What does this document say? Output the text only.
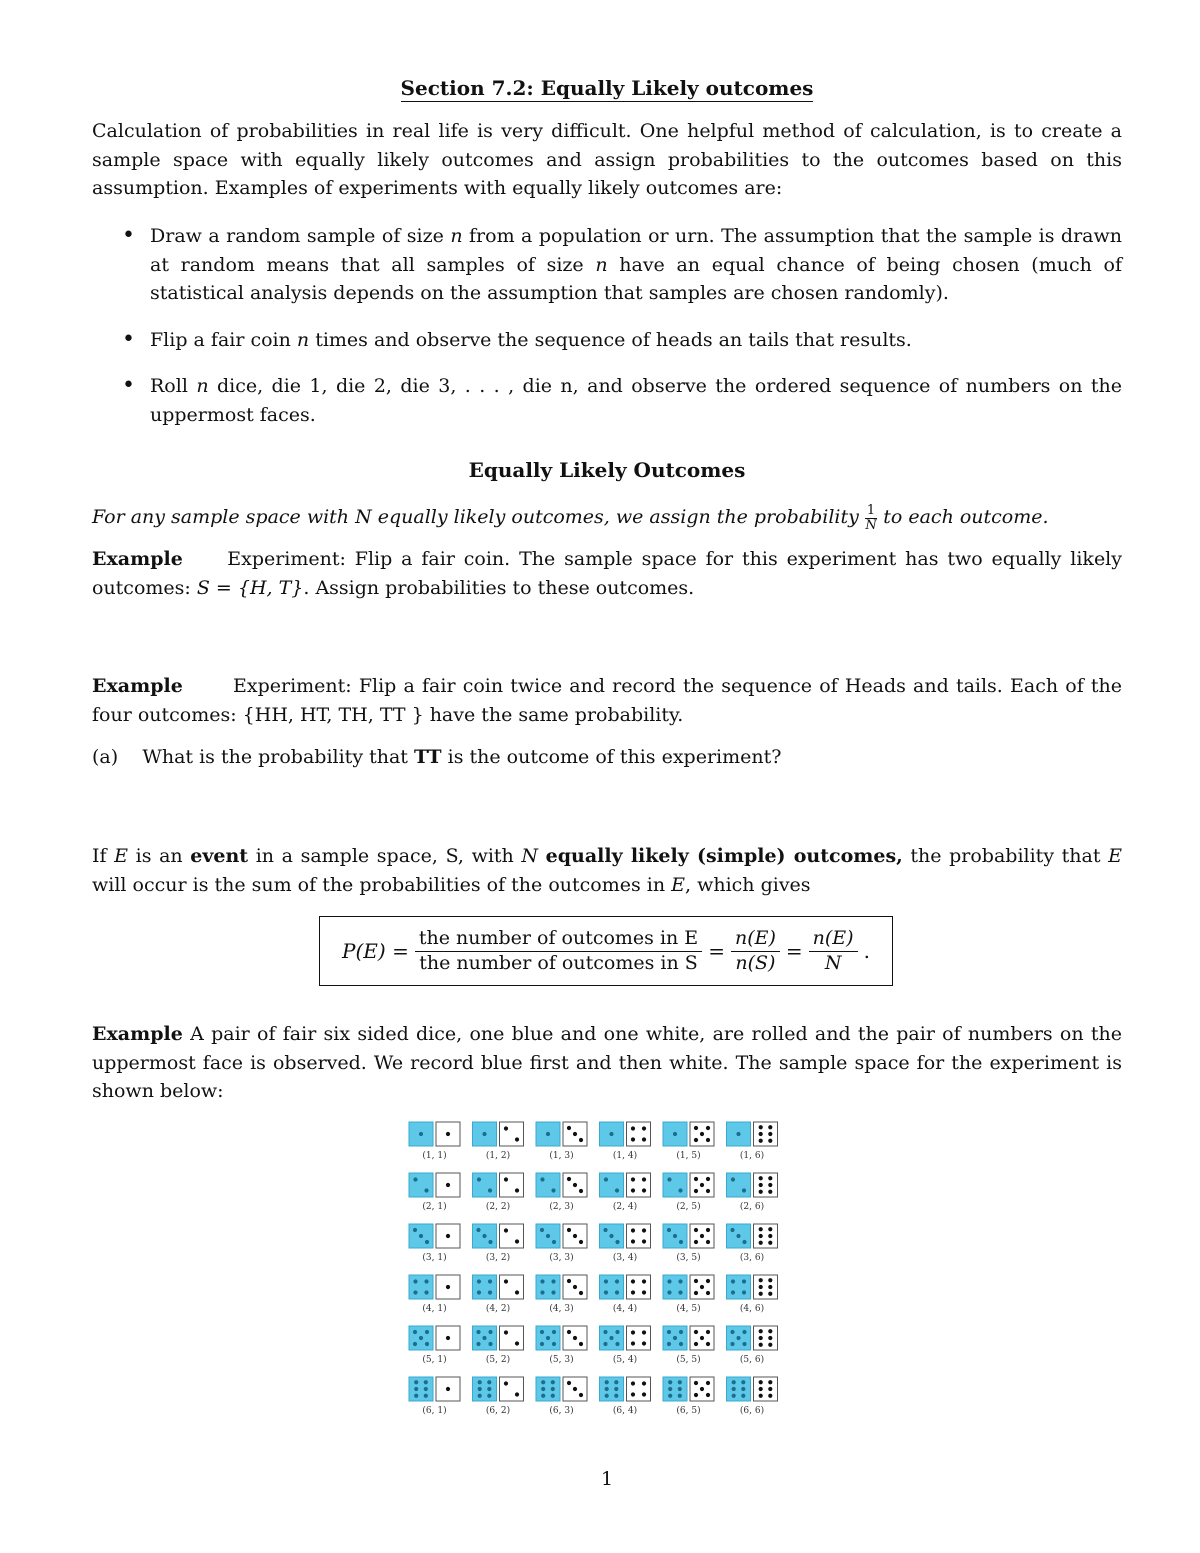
Section 7.2: Equally Likely outcomes

Calculation of probabilities in real life is very difficult. One helpful method of calculation, is to create a sample space with equally likely outcomes and assign probabilities to the outcomes based on this assumption. Examples of experiments with equally likely outcomes are:

• Draw a random sample of size n from a population or urn. The assumption that the sample is drawn at random means that all samples of size n have an equal chance of being chosen (much of statistical analysis depends on the assumption that samples are chosen randomly).
• Flip a fair coin n times and observe the sequence of heads an tails that results.
• Roll n dice, die 1, die 2, die 3, . . . , die n, and observe the ordered sequence of numbers on the uppermost faces.
Equally Likely Outcomes

For any sample space with N equally likely outcomes, we assign the probability $\frac{1}{N}$ to each outcome.

Example Experiment: Flip a fair coin. The sample space for this experiment has two equally likely outcomes: S = {H, T}. Assign probabilities to these outcomes.

Example	Experiment: Flip a fair coin twice and record the sequence of Heads and tails. Each of the four outcomes: {HH, HT, TH, TT } have the same probability.

(a) What is the probability that TT is the outcome of this experiment?

If E is an event in a sample space, S, with N equally likely (simple) outcomes, the probability that E will occur is the sum of the probabilities of the outcomes in E, which gives

$P(E) = \frac{\text{the number of outcomes in E}}{\text{the number of outcomes in S}} = \frac{n(E)}{n(S)} = \frac{n(E)}{N}$ .

Example A pair of fair six sided dice, one blue and one white, are rolled and the pair of numbers on the uppermost face is observed. We record blue first and then white. The sample space for the experiment is shown below:

(1, 1)	(1, 2)	(1, 3)	(1, 4)	(1, 5)	(1, 6)
(2, 1)	(2, 2)	(2, 3)	(2, 4)	(2, 5)	(2, 6)
(3, 1)	(3, 2)	(3, 3)	(3, 4)	(3, 5)	(3, 6)
(4, 1)	(4, 2)	(4, 3)	(4, 4)	(4, 5)	(4, 6)
(5, 1)	(5, 2)	(5, 3)	(5, 4)	(5, 5)	(5, 6)
(6, 1)	(6, 2)	(6, 3)	(6, 4)	(6, 5)	(6, 6)
1
